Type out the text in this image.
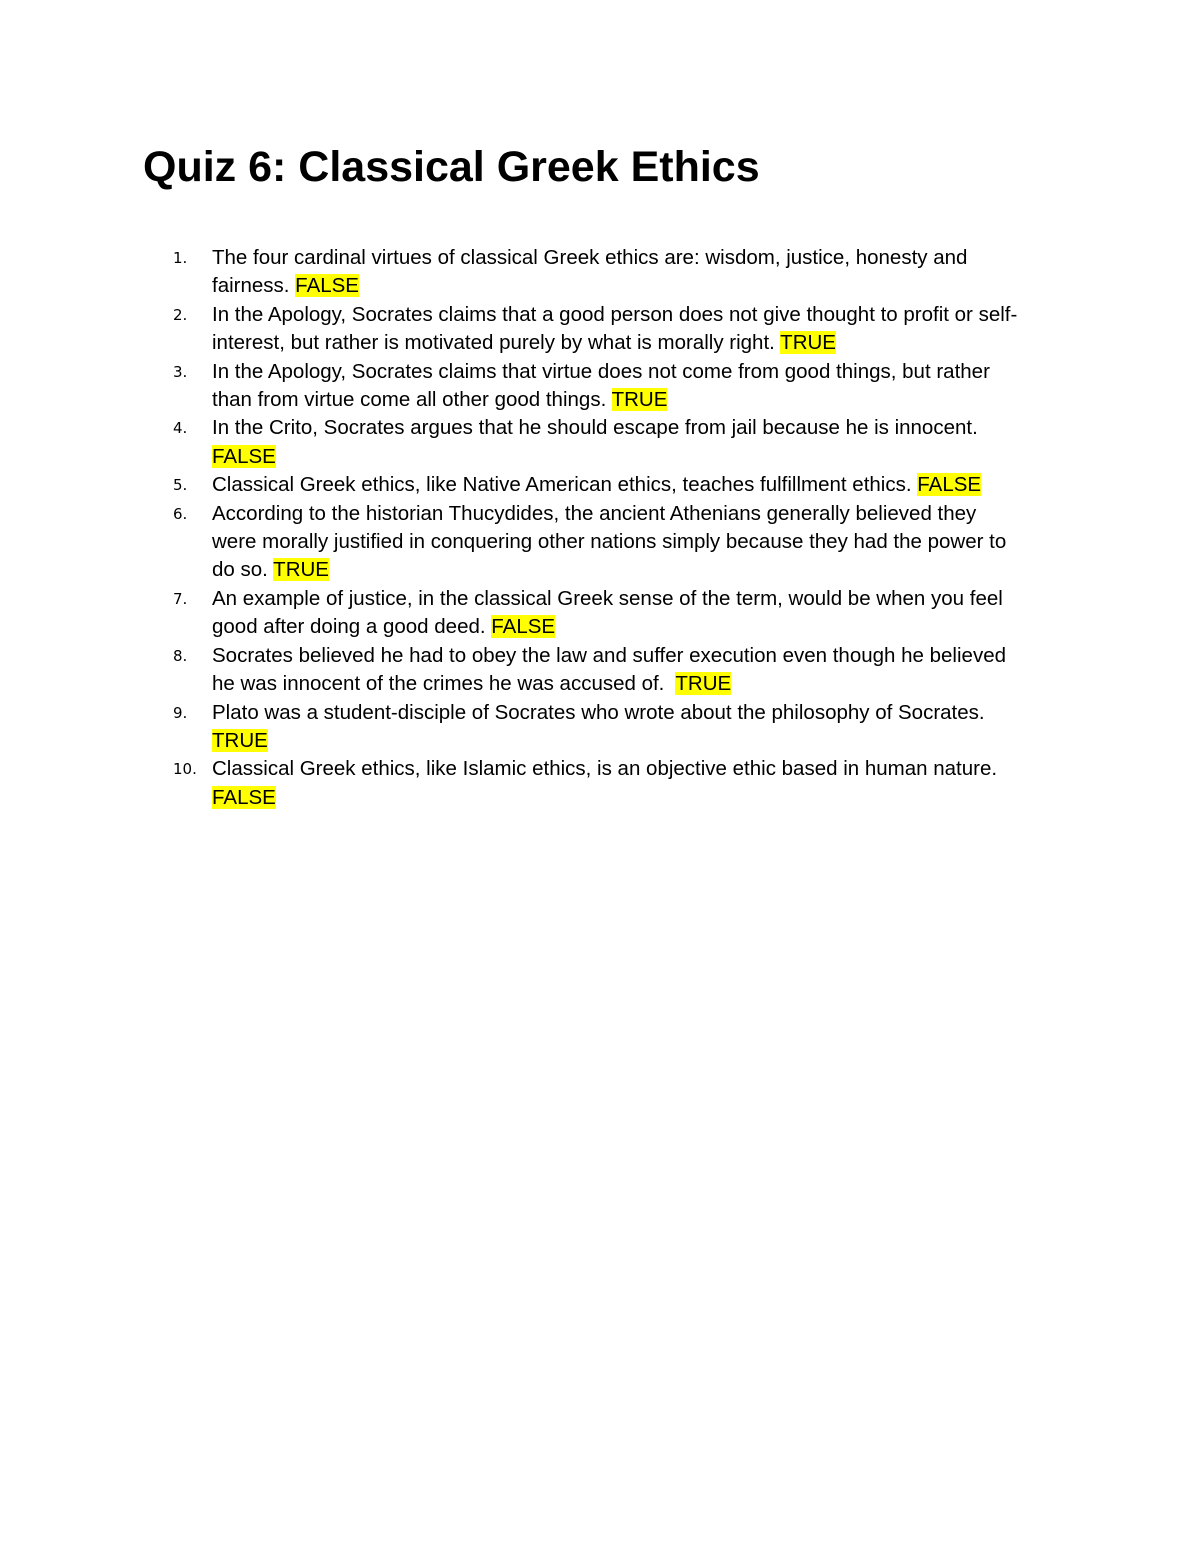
Quiz 6: Classical Greek Ethics
1. The four cardinal virtues of classical Greek ethics are: wisdom, justice, honesty and
fairness. FALSE
2. In the Apology, Socrates claims that a good person does not give thought to profit or self-
interest, but rather is motivated purely by what is morally right. TRUE
3. In the Apology, Socrates claims that virtue does not come from good things, but rather
than from virtue come all other good things. TRUE
4. In the Crito, Socrates argues that he should escape from jail because he is innocent.
FALSE
5. Classical Greek ethics, like Native American ethics, teaches fulfillment ethics. FALSE
6. According to the historian Thucydides, the ancient Athenians generally believed they
were morally justified in conquering other nations simply because they had the power to
do so. TRUE
7. An example of justice, in the classical Greek sense of the term, would be when you feel
good after doing a good deed. FALSE
8. Socrates believed he had to obey the law and suffer execution even though he believed
he was innocent of the crimes he was accused of.  TRUE
9. Plato was a student-disciple of Socrates who wrote about the philosophy of Socrates.
TRUE
10. Classical Greek ethics, like Islamic ethics, is an objective ethic based in human nature.
FALSE
